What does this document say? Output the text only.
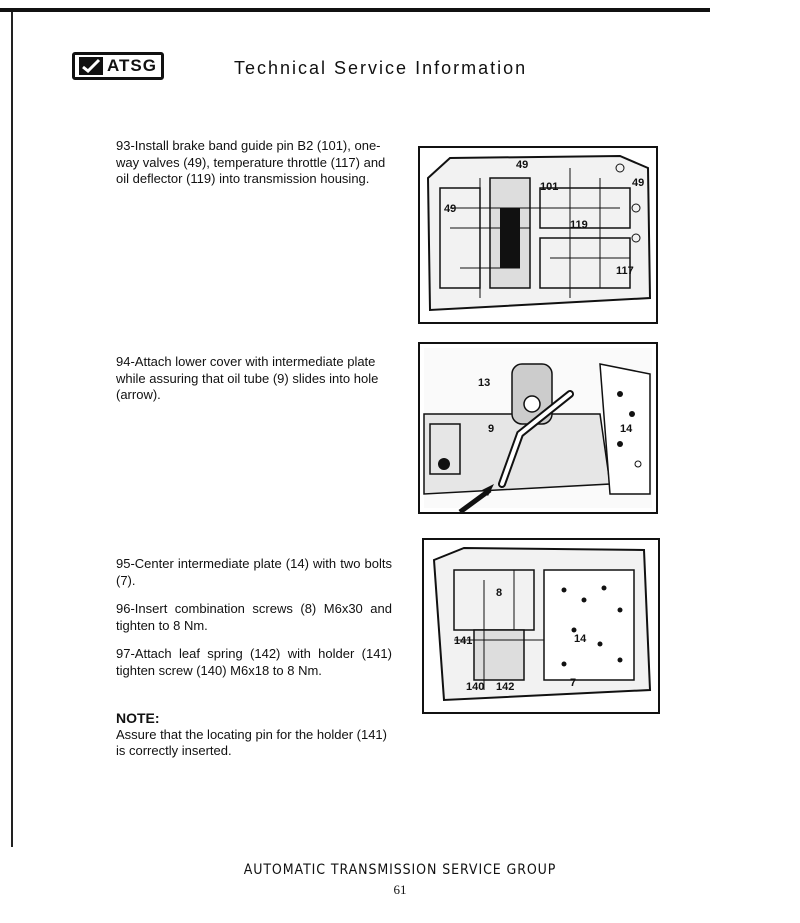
ATSG	Technical Service Information
93-Install brake band guide pin B2 (101), one-way valves (49), temperature throttle (117) and oil deflector (119) into transmission housing.
94-Attach lower cover with intermediate plate while assuring that oil tube (9) slides into hole (arrow).
95-Center intermediate plate (14) with two bolts (7).
96-Insert combination screws (8) M6x30 and tighten to 8 Nm.
97-Attach leaf spring (142) with holder (141) tighten screw (140) M6x18 to 8 Nm.
NOTE:
Assure that the locating pin for the holder (141) is correctly inserted.
49
101
49
49
119
117
13
9	14
8
14
141
140 142	7
AUTOMATIC TRANSMISSION SERVICE GROUP
61
